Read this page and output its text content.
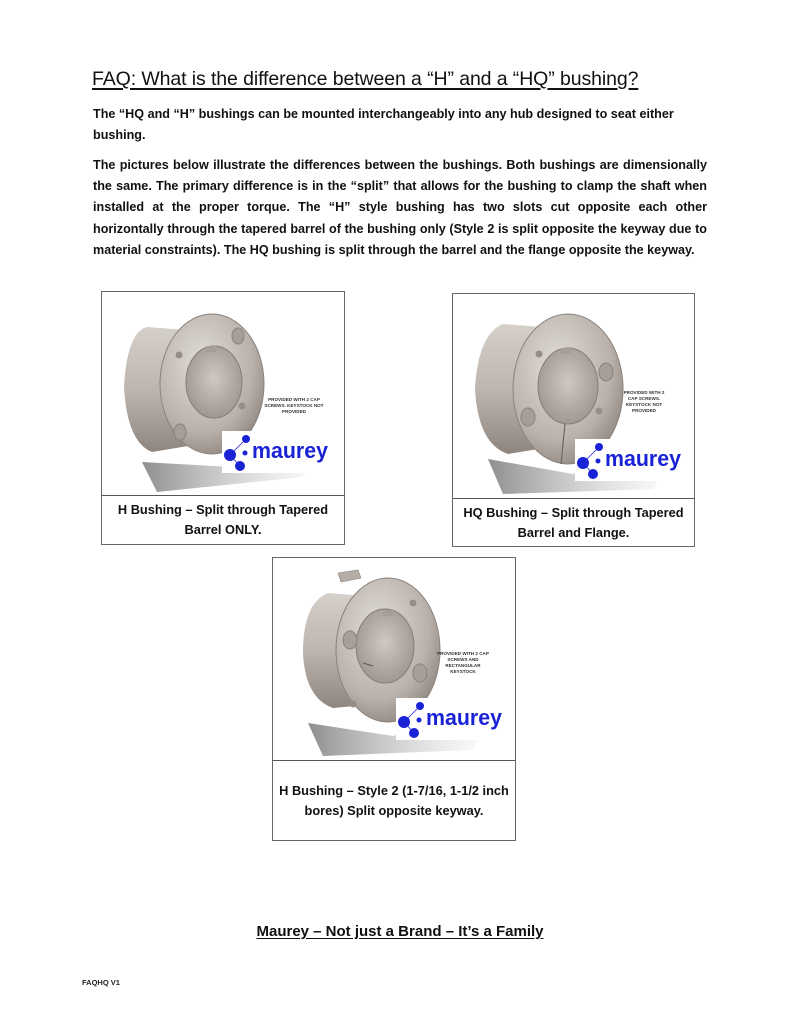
FAQ: What is the difference between a “H” and a “HQ” bushing?

The “HQ and “H” bushings can be mounted interchangeably into any hub designed to seat either bushing.

The pictures below illustrate the differences between the bushings. Both bushings are dimensionally the same. The primary difference is in the “split” that allows for the bushing to clamp the shaft when installed at the proper torque. The “H” style bushing has two slots cut opposite each other horizontally through the tapered barrel of the bushing only (Style 2 is split opposite the keyway due to material constraints). The HQ bushing is split through the barrel and the flange opposite the keyway.

PROVIDED WITH 2 CAP SCREWS. KEYSTOCK NOT PROVIDED
maurey
H Bushing – Split through Tapered Barrel ONLY.
PROVIDED WITH 2 CAP SCREWS. KEYSTOCK NOT PROVIDED
maurey
HQ Bushing – Split through Tapered Barrel and Flange.
PROVIDED WITH 2 CAP SCREWS AND RECTANGULAR KEYSTOCK
maurey
H Bushing – Style 2 (1-7/16, 1-1/2 inch bores) Split opposite keyway.

Maurey – Not just a Brand – It’s a Family

FAQHQ V1
